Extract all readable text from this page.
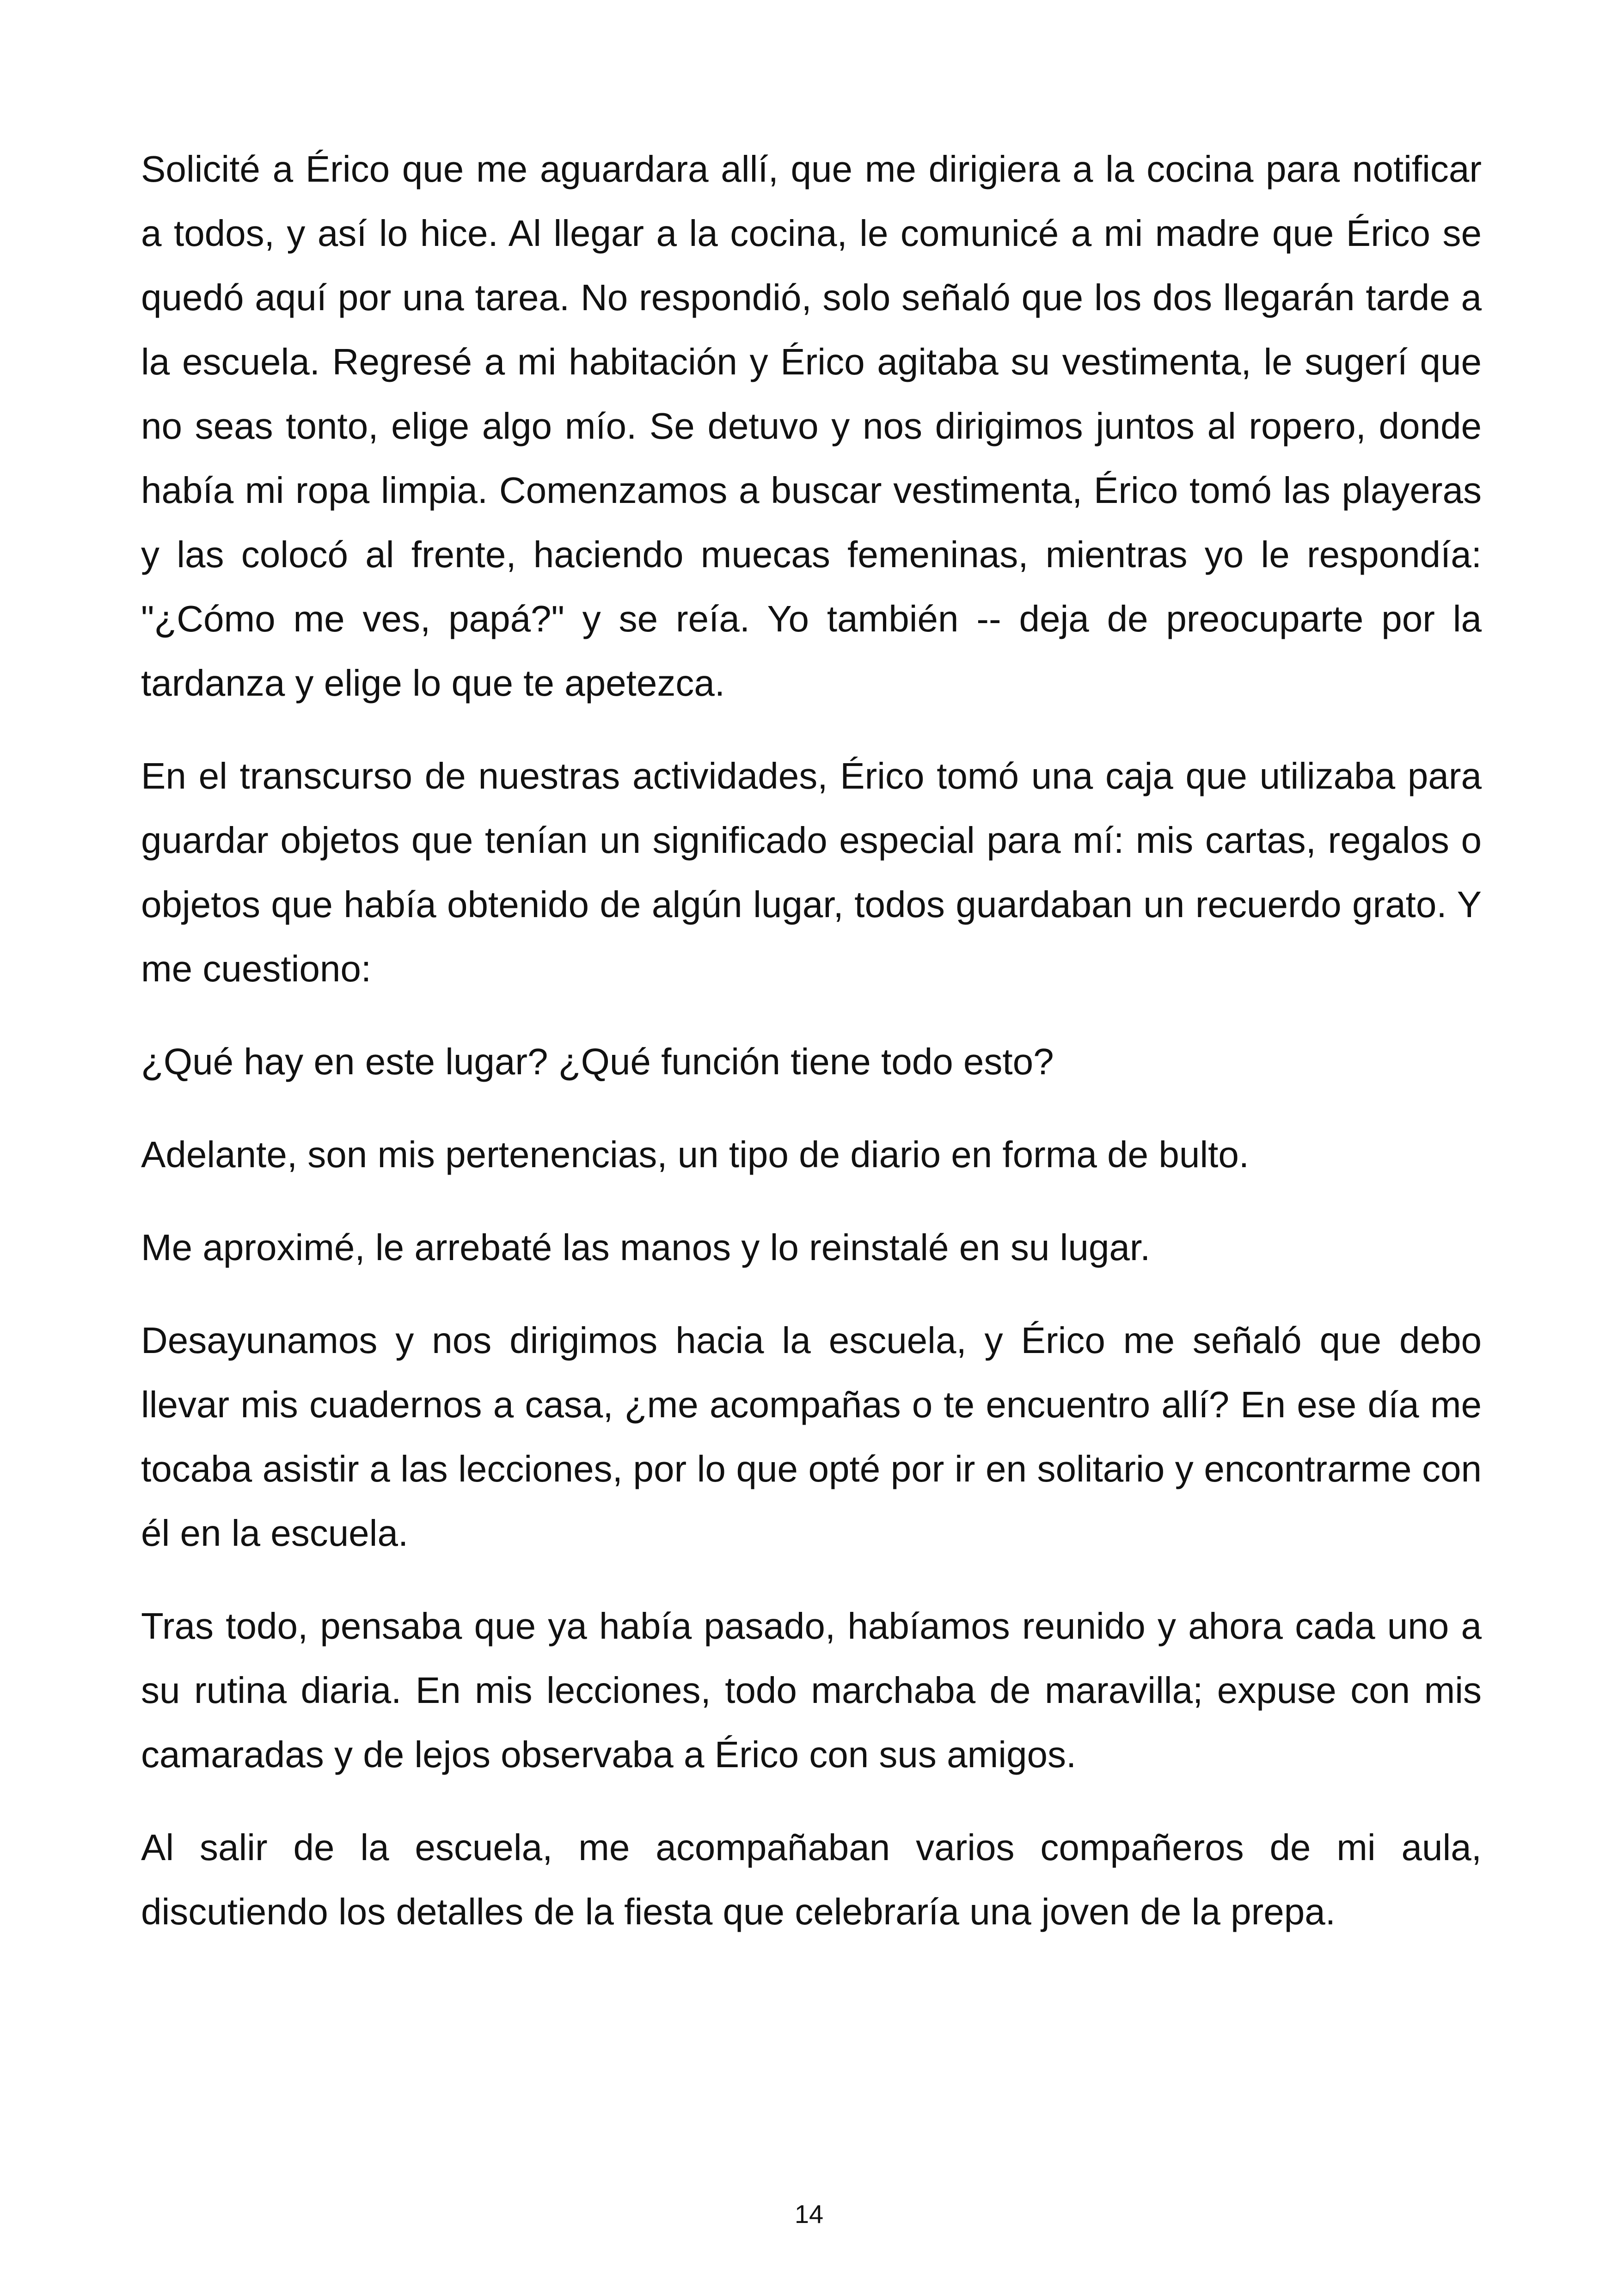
Solicité a Érico que me aguardara allí, que me dirigiera a la cocina para notificar a todos, y así lo hice. Al llegar a la cocina, le comunicé a mi madre que Érico se quedó aquí por una tarea. No respondió, solo señaló que los dos llegarán tarde a la escuela. Regresé a mi habitación y Érico agitaba su vestimenta, le sugerí que no seas tonto, elige algo mío. Se detuvo y nos dirigimos juntos al ropero, donde había mi ropa limpia. Comenzamos a buscar vestimenta, Érico tomó las playeras y las colocó al frente, haciendo muecas femeninas, mientras yo le respondía: "¿Cómo me ves, papá?" y se reía. Yo también -- deja de preocuparte por la tardanza y elige lo que te apetezca.

En el transcurso de nuestras actividades, Érico tomó una caja que utilizaba para guardar objetos que tenían un significado especial para mí: mis cartas, regalos o objetos que había obtenido de algún lugar, todos guardaban un recuerdo grato. Y me cuestiono:

¿Qué hay en este lugar? ¿Qué función tiene todo esto?

Adelante, son mis pertenencias, un tipo de diario en forma de bulto.

Me aproximé, le arrebaté las manos y lo reinstalé en su lugar.

Desayunamos y nos dirigimos hacia la escuela, y Érico me señaló que debo llevar mis cuadernos a casa, ¿me acompañas o te encuentro allí? En ese día me tocaba asistir a las lecciones, por lo que opté por ir en solitario y encontrarme con él en la escuela.

Tras todo, pensaba que ya había pasado, habíamos reunido y ahora cada uno a su rutina diaria. En mis lecciones, todo marchaba de maravilla; expuse con mis camaradas y de lejos observaba a Érico con sus amigos.

Al salir de la escuela, me acompañaban varios compañeros de mi aula, discutiendo los detalles de la fiesta que celebraría una joven de la prepa.

14
